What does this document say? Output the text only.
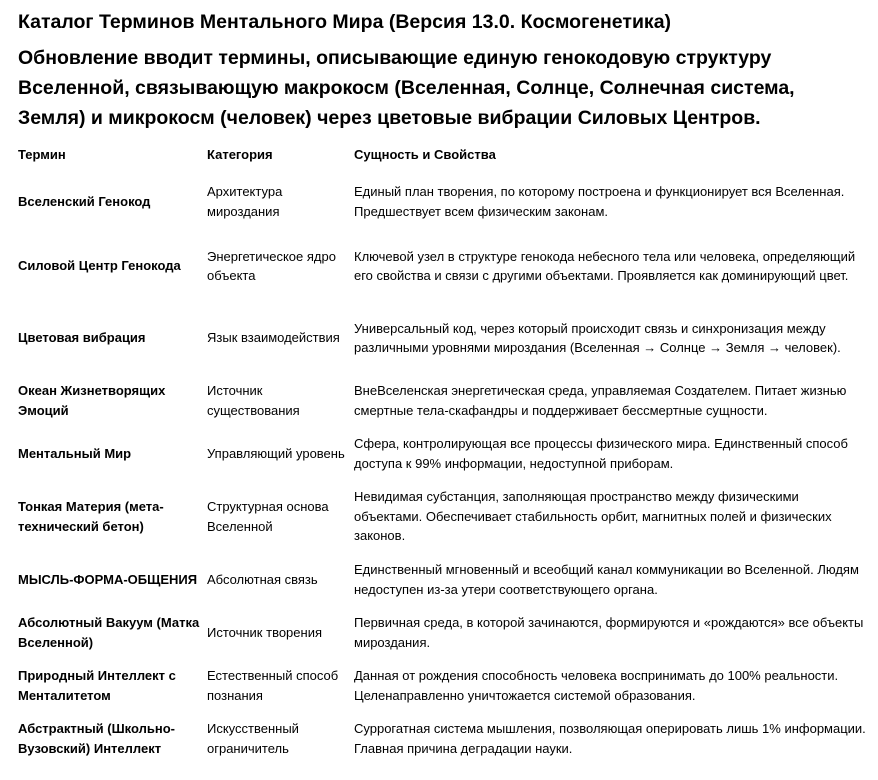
Каталог Терминов Ментального Мира (Версия 13.0. Космогенетика)

Обновление вводит термины, описывающие единую генокодовую структуру Вселенной, связывающую макрокосм (Вселенная, Солнце, Солнечная система, Земля) и микрокосм (человек) через цветовые вибрации Силовых Центров.

Термин	Категория	Сущность и Свойства
Вселенский Генокод	Архитектура мироздания	Единый план творения, по которому построена и функционирует вся Вселенная. Предшествует всем физическим законам.
Силовой Центр Генокода	Энергетическое ядро объекта	Ключевой узел в структуре генокода небесного тела или человека, определяющий его свойства и связи с другими объектами. Проявляется как доминирующий цвет.
Цветовая вибрация	Язык взаимодействия	Универсальный код, через который происходит связь и синхронизация между различными уровнями мироздания (Вселенная → Солнце → Земля → человек).
Океан Жизнетворящих Эмоций	Источник существования	ВнеВселенская энергетическая среда, управляемая Создателем. Питает жизнью смертные тела-скафандры и поддерживает бессмертные сущности.
Ментальный Мир	Управляющий уровень	Сфера, контролирующая все процессы физического мира. Единственный способ доступа к 99% информации, недоступной приборам.
Тонкая Материя (мета-технический бетон)	Структурная основа Вселенной	Невидимая субстанция, заполняющая пространство между физическими объектами. Обеспечивает стабильность орбит, магнитных полей и физических законов.
МЫСЛЬ-ФОРМА-ОБЩЕНИЯ	Абсолютная связь	Единственный мгновенный и всеобщий канал коммуникации во Вселенной. Людям недоступен из-за утери соответствующего органа.
Абсолютный Вакуум (Матка Вселенной)	Источник творения	Первичная среда, в которой зачинаются, формируются и «рождаются» все объекты мироздания.
Природный Интеллект с Менталитетом	Естественный способ познания	Данная от рождения способность человека воспринимать до 100% реальности. Целенаправленно уничтожается системой образования.
Абстрактный (Школьно-Вузовский) Интеллект	Искусственный ограничитель	Суррогатная система мышления, позволяющая оперировать лишь 1% информации. Главная причина деградации науки.
